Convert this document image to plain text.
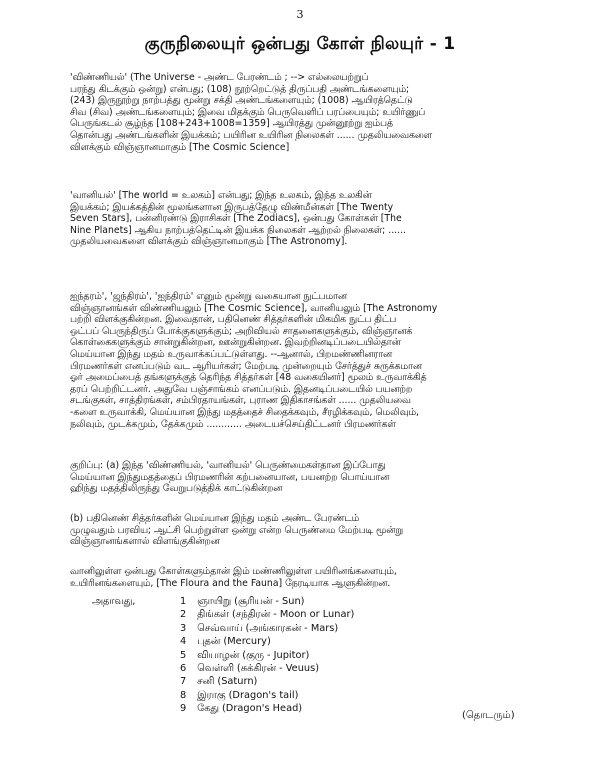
3
குருநிலையுர் ஒன்பது கோள் நிலயுர் - 1
'விண்ணியல்' (The Universe - அண்ட பேரண்டம் ; --> எல்லையற்றுப்
பரந்து கிடக்கும் ஒன்று) என்பது; (108) நூற்றெட்டுத் திருப்பதி அண்டங்களையும்;
(243) இருநூற்று நாற்பத்து மூன்று சக்தி அண்டங்களையும்; (1008) ஆயிரத்தெட்டு
சிவ (சிவ) அண்டங்களையும்; இவை மிதக்கும் பெருவெளிப் பரப்பையும்; உயிர்ணுப்
பெருங்கடல் சூழ்ந்த [108+243+1008=1359] ஆயிரத்து முன்னூற்று ஐம்பத்
தொன்பது அண்டங்களின் இயக்கம்; பயிரின உயிரின நிலைகள் ...... முதலியவைகளை
விளக்கும் விஞ்ஞானமாகும் [The Cosmic Science]
'வானியல்' [The world = உலகம்] என்பது; இந்த உலகம், இந்த உலகின்
இயக்கம்; இயக்கத்தின் மூலங்களான இருபத்தேழு விண்மீன்கள் [The Twenty
Seven Stars], பன்னிரண்டு இராசிகள் [The Zodiacs], ஒன்பது கோள்கள் [The
Nine Planets] ஆகிய நாற்பத்தெட்டின் இயக்க நிலைகள் ஆற்றல் நிலைகள்; ......
முதலியவைகளை விளக்கும் விஞ்ஞானமாகும் [The Astronomy].
ஐந்தரம்', 'ஜந்திரம்', 'ஐந்திரம்' எனும் மூன்று வகையான நுட்பமான
விஞ்ஞானங்கள் விண்ணியலும் [The Cosmic Science], வானியலும் [The Astronomy
பற்றி விளக்குகின்றன. இவைதான், பதினெண் சித்தர்களின் மிகமிக நுட்ப திட்ப
ஒட்பப் பெருந்திருப் போக்குகளுக்கும்; அறிவியல் சாதனைகளுக்கும், விஞ்ஞானக்
கொள்கைகளுக்கும் சான்றுகின்றன, ஊன்றுகின்றன. இவற்றினடிப்படையில்தான்
மெய்யான இந்து மதம் உருவாக்கப்பட்டுள்ளது. --ஆனால், பிறமண்ணினரான
பிரமணர்கள் எனப்படும் வட ஆரியர்கள்; மேற்படி முன்றையும் சேர்த்துச் சுருக்கமான
ஓர் அமைப்பைத் தங்களுக்குத் தெரிந்த சித்தர்கள் [48 வகையினர்] மூலம் உருவாக்கித்
தரப் பெற்றிட்டனர். அதுவே பஞ்சாங்கம் எனப்படும். இதனடிப்படையில் பயனற்ற
சடங்குகள், சாத்திரங்கள், சம்பிரதாயங்கள், புராண இதிகாசங்கள் ...... முதலியவை
-களை உருவாக்கி, மெய்யான இந்து மதத்தைச் சிதைக்கவும், சீரழிக்கவும், மெலிவும்,
நலிவும், முடக்கமும், தேக்கமும் ............ அடையச்செய்திட்டனர் பிரமணர்கள்
குறிப்பு: (a) இந்த 'விண்ணியல், 'வானியல்' பெருண்மைகள்தான இப்போது
மெய்யான இந்துமதத்தைப் பிரமணரின் கற்பனையான, பயனற்ற பொய்யான
ஹிந்து மதத்திலிருந்து வேறுபடுத்திக் காட்டுகின்றன
(b) பதினெண் சித்தர்களின் மெய்யான இந்து மதம் அண்ட பேரண்டம்
முழுவதும் பரவிய; ஆட்சி பெற்றுள்ள ஒன்று என்ற பெருண்மை மேற்படி மூன்று
விஞ்ஞானங்களால் விளங்குகின்றன
வானிலுள்ள ஒன்பது கோள்களும்தான் இம் மண்ணிலுள்ள பயிரினங்களையும்,
உயிரினங்களையும், [The Floura and the Fauna] நேரடியாக ஆளுகின்றன.
அதாவது,	1 ஞாயிறு (சூரியன் - Sun)
2 திங்கள் (சந்திரன் - Moon or Lunar)
3 செவ்வாய் (அங்காரகன் - Mars)
4 புதன் (Mercury)
5 வியாழன் (குரு - Jupitor)
6 வெள்ளி (சுக்கிரன் - Veuus)
7 சனி (Saturn)
8 இராகு (Dragon's tail)
9 கேது (Dragon's Head)
(தொடரும்)
